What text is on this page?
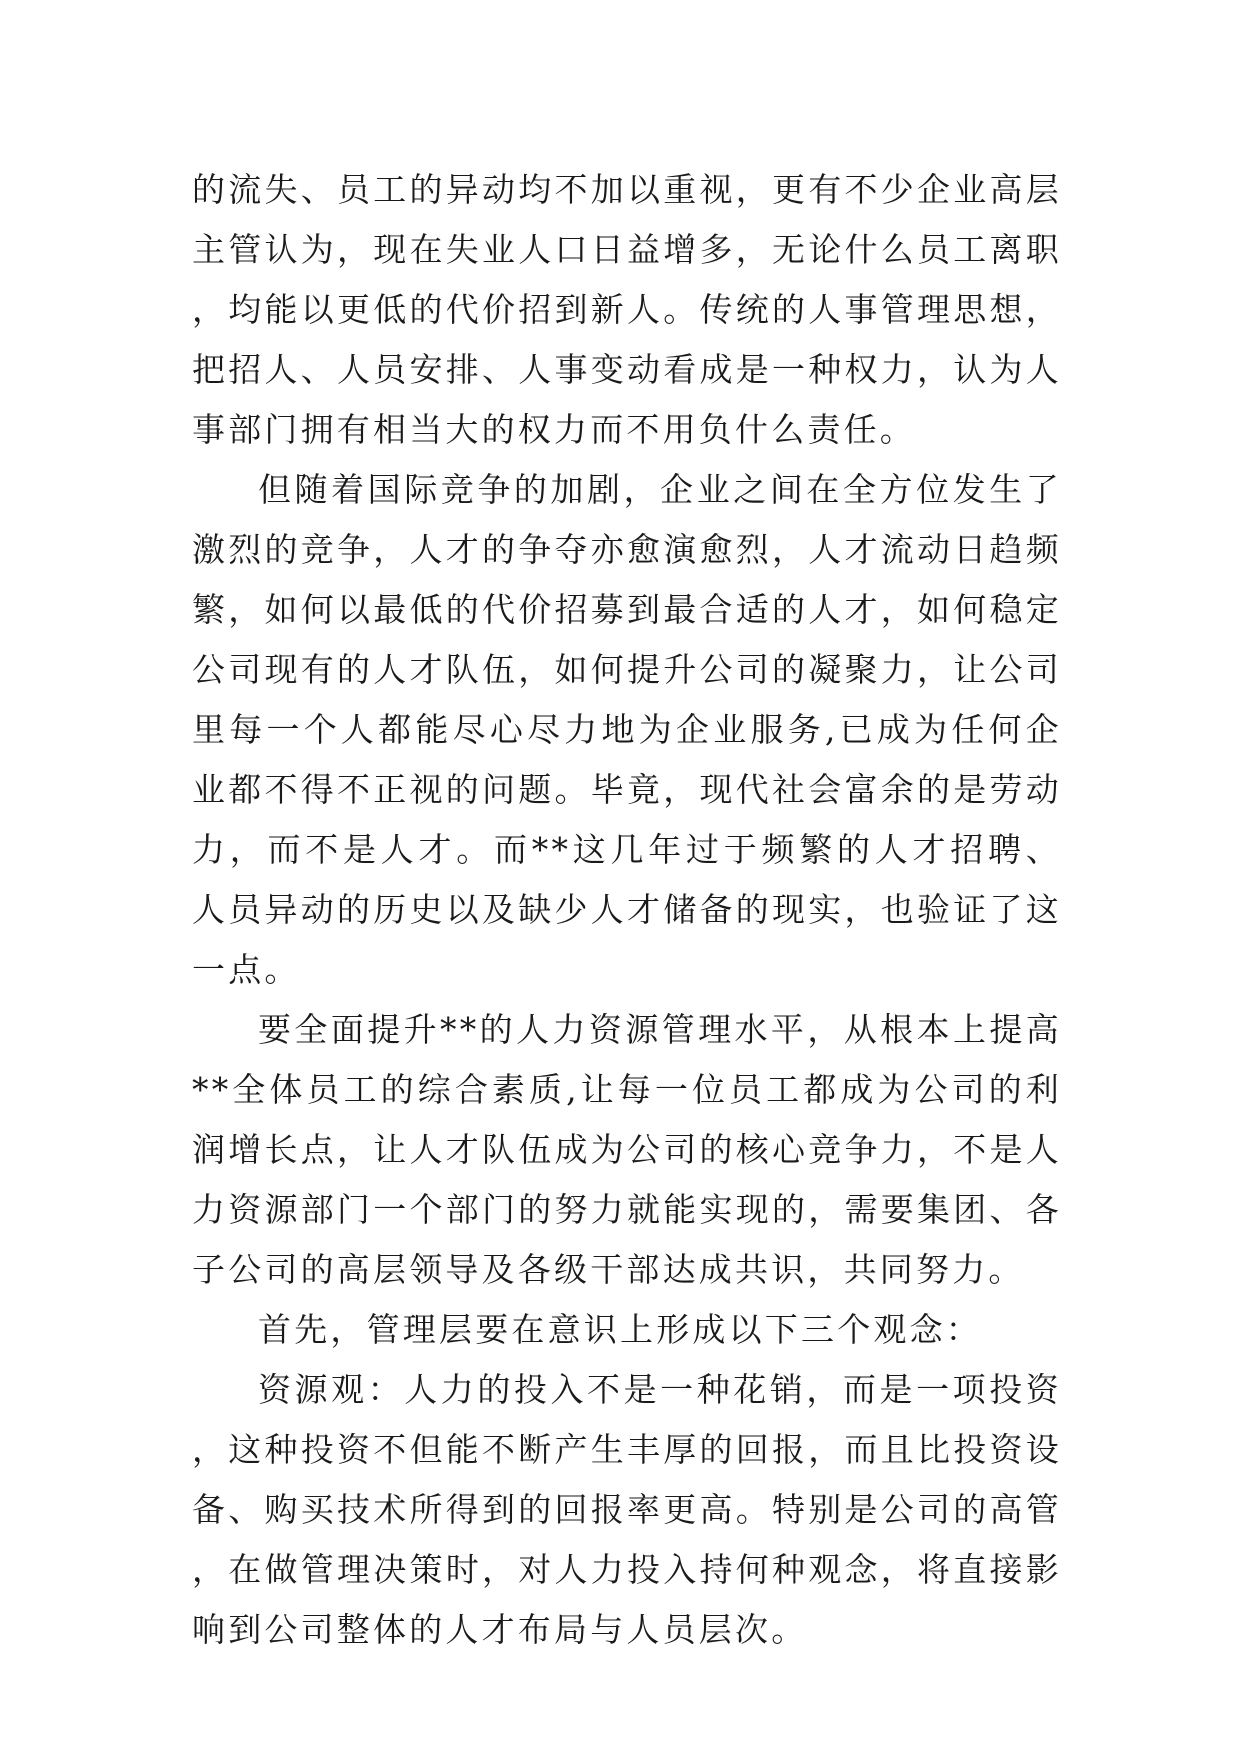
的流失、员工的异动均不加以重视，更有不少企业高层主管认为，现在失业人口日益增多，无论什么员工离职，均能以更低的代价招到新人。传统的人事管理思想，把招人、人员安排、人事变动看成是一种权力，认为人事部门拥有相当大的权力而不用负什么责任。

但随着国际竞争的加剧，企业之间在全方位发生了激烈的竞争，人才的争夺亦愈演愈烈，人才流动日趋频繁，如何以最低的代价招募到最合适的人才，如何稳定公司现有的人才队伍，如何提升公司的凝聚力，让公司里每一个人都能尽心尽力地为企业服务,已成为任何企业都不得不正视的问题。毕竟，现代社会富余的是劳动力，而不是人才。而**这几年过于频繁的人才招聘、人员异动的历史以及缺少人才储备的现实，也验证了这一点。

要全面提升**的人力资源管理水平，从根本上提高**全体员工的综合素质,让每一位员工都成为公司的利润增长点，让人才队伍成为公司的核心竞争力，不是人力资源部门一个部门的努力就能实现的，需要集团、各子公司的高层领导及各级干部达成共识，共同努力。

首先，管理层要在意识上形成以下三个观念：

资源观：人力的投入不是一种花销，而是一项投资，这种投资不但能不断产生丰厚的回报，而且比投资设备、购买技术所得到的回报率更高。特别是公司的高管，在做管理决策时，对人力投入持何种观念，将直接影响到公司整体的人才布局与人员层次。
